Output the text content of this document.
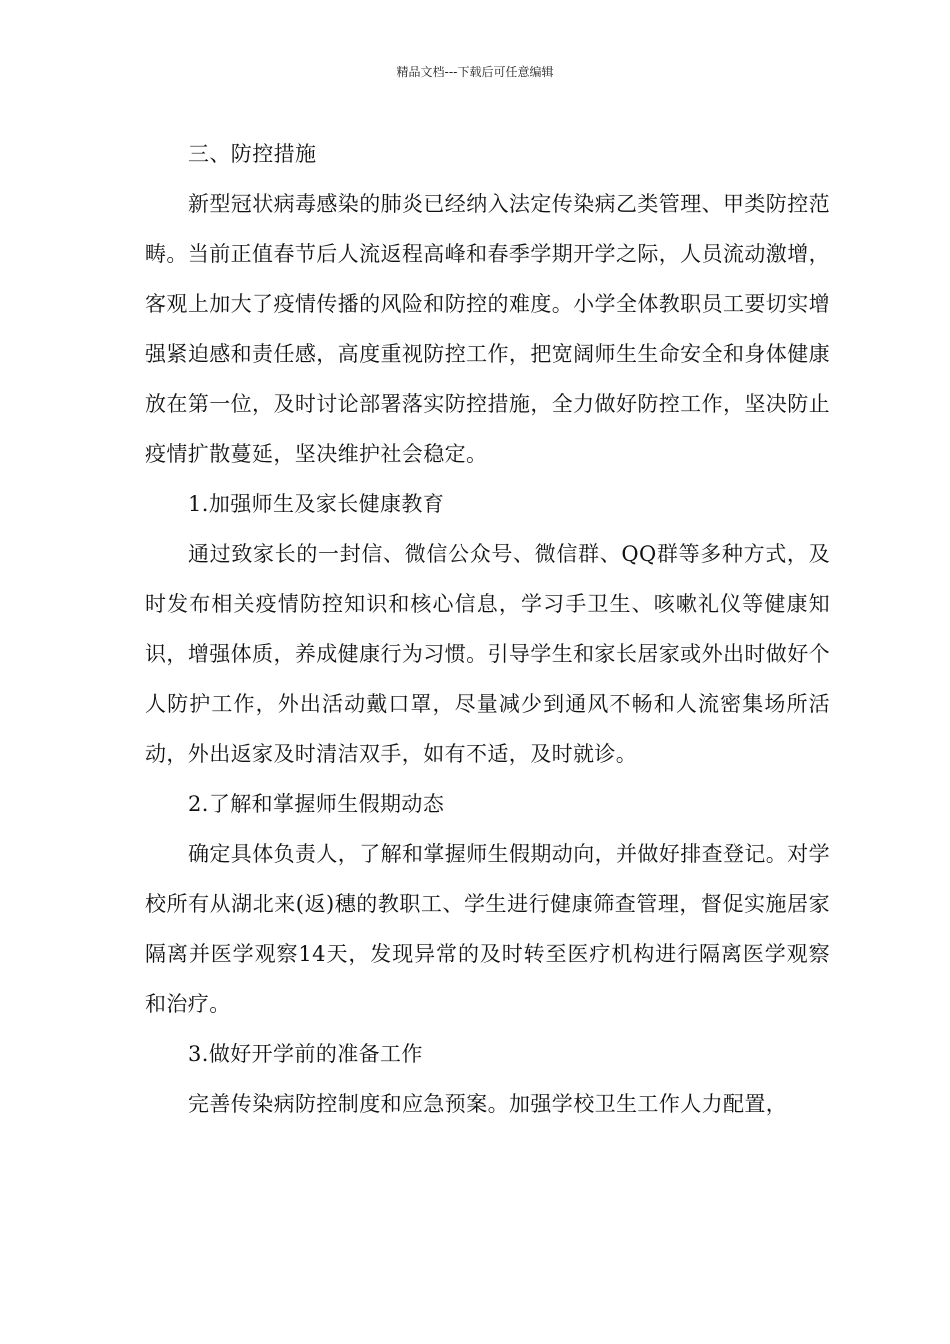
精品文档---下载后可任意编辑

三、防控措施

新型冠状病毒感染的肺炎已经纳入法定传染病乙类管理、甲类防控范畴。当前正值春节后人流返程高峰和春季学期开学之际，人员流动激增，客观上加大了疫情传播的风险和防控的难度。小学全体教职员工要切实增强紧迫感和责任感，高度重视防控工作，把宽阔师生生命安全和身体健康放在第一位，及时讨论部署落实防控措施，全力做好防控工作，坚决防止疫情扩散蔓延，坚决维护社会稳定。

1.加强师生及家长健康教育

通过致家长的一封信、微信公众号、微信群、QQ群等多种方式，及时发布相关疫情防控知识和核心信息，学习手卫生、咳嗽礼仪等健康知识，增强体质，养成健康行为习惯。引导学生和家长居家或外出时做好个人防护工作，外出活动戴口罩，尽量减少到通风不畅和人流密集场所活动，外出返家及时清洁双手，如有不适，及时就诊。

2.了解和掌握师生假期动态

确定具体负责人，了解和掌握师生假期动向，并做好排查登记。对学校所有从湖北来(返)穗的教职工、学生进行健康筛查管理，督促实施居家隔离并医学观察14天，发现异常的及时转至医疗机构进行隔离医学观察和治疗。

3.做好开学前的准备工作

完善传染病防控制度和应急预案。加强学校卫生工作人力配置，
